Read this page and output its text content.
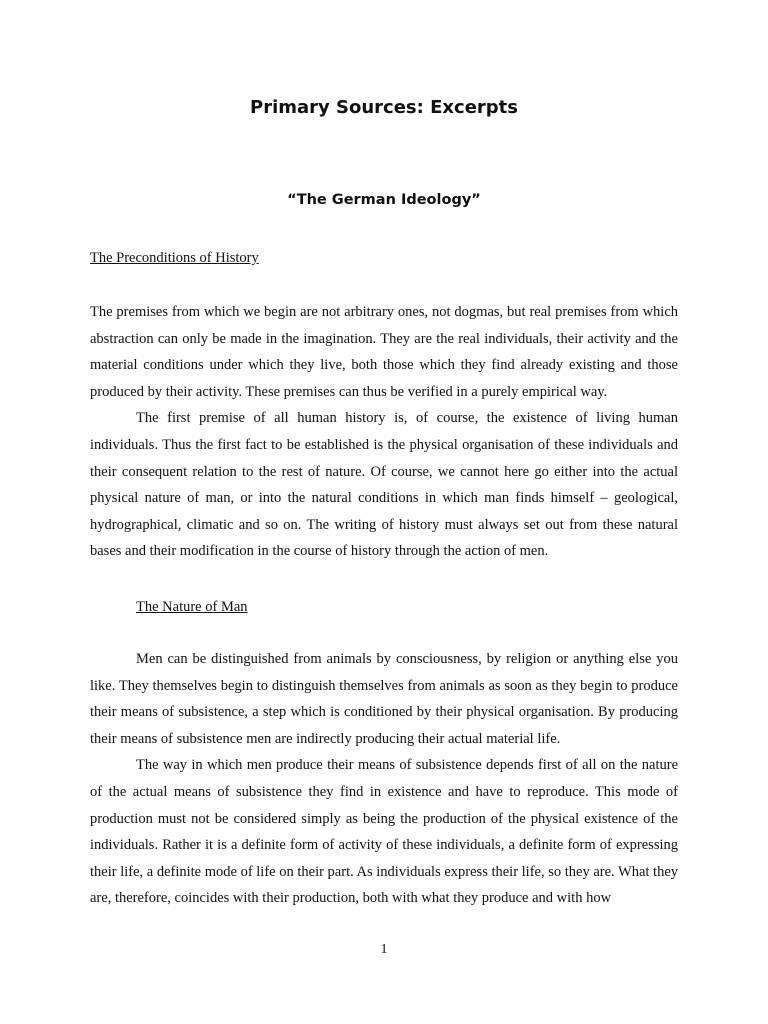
Primary Sources: Excerpts
“The German Ideology”
The Preconditions of History

The premises from which we begin are not arbitrary ones, not dogmas, but real premises from which abstraction can only be made in the imagination. They are the real individuals, their activity and the material conditions under which they live, both those which they find already existing and those produced by their activity. These premises can thus be verified in a purely empirical way.

The first premise of all human history is, of course, the existence of living human individuals. Thus the first fact to be established is the physical organisation of these individuals and their consequent relation to the rest of nature. Of course, we cannot here go either into the actual physical nature of man, or into the natural conditions in which man finds himself – geological, hydrographical, climatic and so on. The writing of history must always set out from these natural bases and their modification in the course of history through the action of men.

The Nature of Man

Men can be distinguished from animals by consciousness, by religion or anything else you like. They themselves begin to distinguish themselves from animals as soon as they begin to produce their means of subsistence, a step which is conditioned by their physical organisation. By producing their means of subsistence men are indirectly producing their actual material life.

The way in which men produce their means of subsistence depends first of all on the nature of the actual means of subsistence they find in existence and have to reproduce. This mode of production must not be considered simply as being the production of the physical existence of the individuals. Rather it is a definite form of activity of these individuals, a definite form of expressing their life, a definite mode of life on their part. As individuals express their life, so they are. What they are, therefore, coincides with their production, both with what they produce and with how

1
